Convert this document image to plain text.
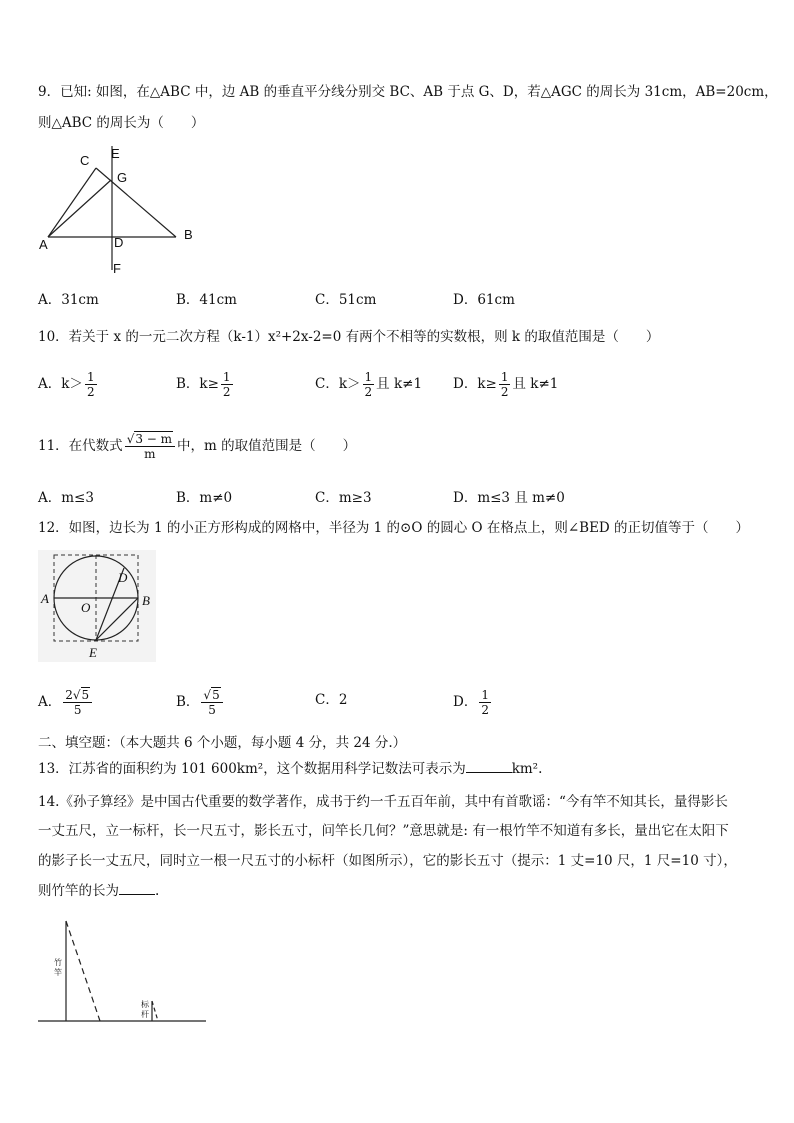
9．已知: 如图，在△ABC 中，边 AB 的垂直平分线分别交 BC、AB 于点 G、D，若△AGC 的周长为 31cm，AB=20cm，
则△ABC 的周长为（　　）
C E
G
A	D
B
F
A．31cm	B．41cm	C．51cm	D．61cm
10．若关于 x 的一元二次方程（k-1）x²+2x-2=0 有两个不相等的实数根，则 k 的取值范围是（　　）
A．$k> \frac{1}{2}$	B．$k\ge \frac{1}{2}$	C．$k> \frac{1}{2}$ 且 k≠1 D．$k\ge \frac{1}{2}$ 且 k≠1
11．在代数式 $\frac{√3 - m}{m}$ 中，m 的取值范围是（　　）
A．m≤3	B．m≠0	C．m≥3	D．m≤3 且 m≠0
12．如图，边长为 1 的小正方形构成的网格中，半径为 1 的⊙O 的圆心 O 在格点上，则∠BED 的正切值等于（　　）
D
A
O	B
E
A． $\frac{2√5}{5}$	B． $\frac{√5}{5}$	C．2	D． $\frac{1}{2}$
二、填空题：（本大题共 6 个小题，每小题 4 分，共 24 分.）
13．江苏省的面积约为 101 600km²，这个数据用科学记数法可表示为	km².
14.《孙子算经》是中国古代重要的数学著作，成书于约一千五百年前，其中有首歌谣：“今有竿不知其长，量得影长
一丈五尺，立一标杆，长一尺五寸，影长五寸，问竿长几何？”意思就是: 有一根竹竿不知道有多长，量出它在太阳下
的影子长一丈五尺，同时立一根一尺五寸的小标杆（如图所示），它的影长五寸（提示：1 丈=10 尺，1 尺=10 寸），
则竹竿的长为	.
竹
竿
标
杆
